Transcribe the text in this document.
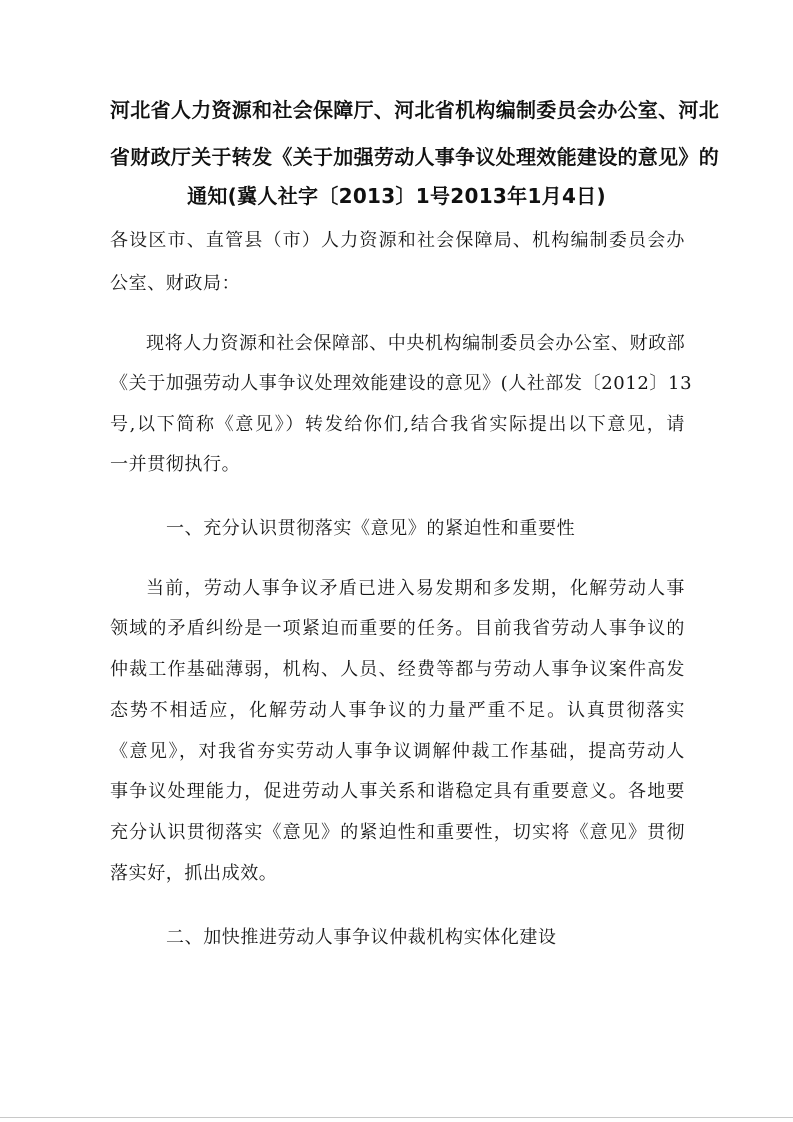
河北省人力资源和社会保障厅、河北省机构编制委员会办公室、河北
省财政厅关于转发《关于加强劳动人事争议处理效能建设的意见》的
通知(冀人社字〔2013〕1号2013年1月4日)
各设区市、直管县（市）人力资源和社会保障局、机构编制委员会办
公室、财政局：
现将人力资源和社会保障部、中央机构编制委员会办公室、财政部
《关于加强劳动人事争议处理效能建设的意见》(人社部发〔2012〕13
号,以下简称《意见》）转发给你们,结合我省实际提出以下意见，请
一并贯彻执行。
一、充分认识贯彻落实《意见》的紧迫性和重要性
当前，劳动人事争议矛盾已进入易发期和多发期，化解劳动人事
领域的矛盾纠纷是一项紧迫而重要的任务。目前我省劳动人事争议的
仲裁工作基础薄弱，机构、人员、经费等都与劳动人事争议案件高发
态势不相适应，化解劳动人事争议的力量严重不足。认真贯彻落实
《意见》，对我省夯实劳动人事争议调解仲裁工作基础，提高劳动人
事争议处理能力，促进劳动人事关系和谐稳定具有重要意义。各地要
充分认识贯彻落实《意见》的紧迫性和重要性，切实将《意见》贯彻
落实好，抓出成效。
二、加快推进劳动人事争议仲裁机构实体化建设
